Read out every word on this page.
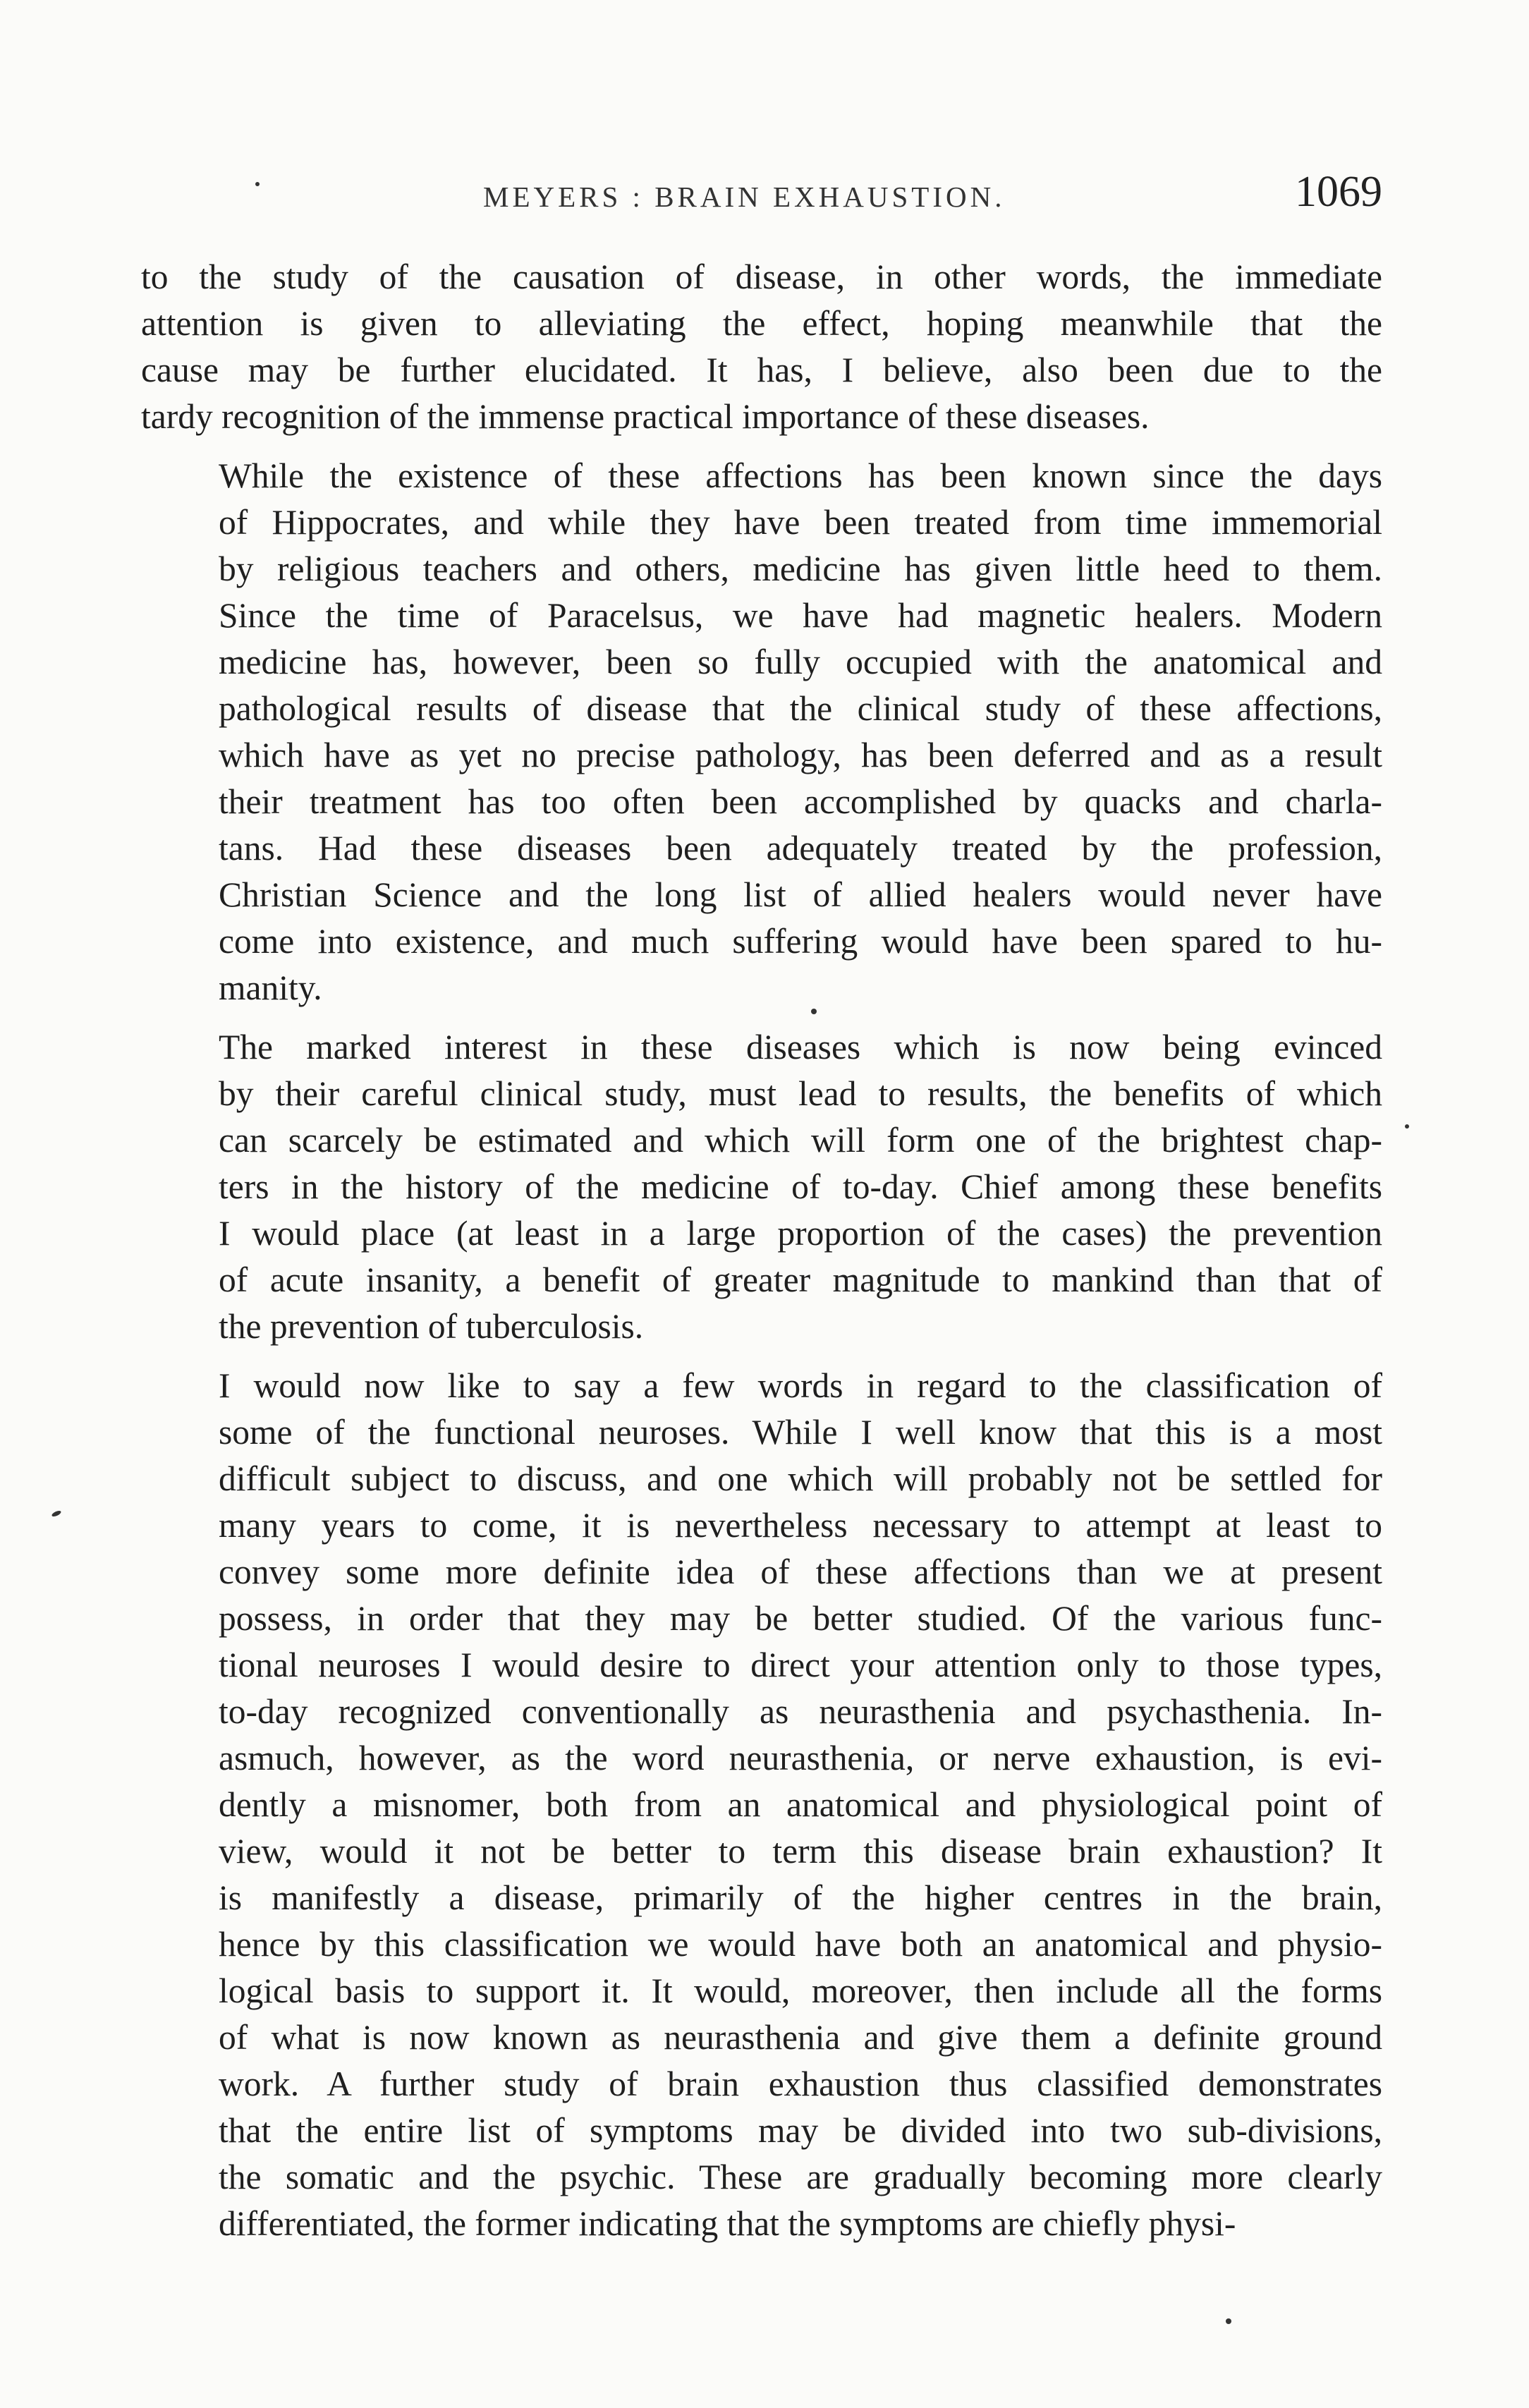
MEYERS : BRAIN EXHAUSTION.	1069

to the study of the causation of disease, in other words, the immediate
attention is given to alleviating the effect, hoping meanwhile that the
cause may be further elucidated. It has, I believe, also been due to the
tardy recognition of the immense practical importance of these diseases.

While the existence of these affections has been known since the days
of Hippocrates, and while they have been treated from time immemorial
by religious teachers and others, medicine has given little heed to them.
Since the time of Paracelsus, we have had magnetic healers. Modern
medicine has, however, been so fully occupied with the anatomical and
pathological results of disease that the clinical study of these affections,
which have as yet no precise pathology, has been deferred and as a result
their treatment has too often been accomplished by quacks and charla-
tans. Had these diseases been adequately treated by the profession,
Christian Science and the long list of allied healers would never have
come into existence, and much suffering would have been spared to hu-
manity.

The marked interest in these diseases which is now being evinced
by their careful clinical study, must lead to results, the benefits of which
can scarcely be estimated and which will form one of the brightest chap-
ters in the history of the medicine of to-day. Chief among these benefits
I would place (at least in a large proportion of the cases) the prevention
of acute insanity, a benefit of greater magnitude to mankind than that of
the prevention of tuberculosis.

I would now like to say a few words in regard to the classification of
some of the functional neuroses. While I well know that this is a most
difficult subject to discuss, and one which will probably not be settled for
many years to come, it is nevertheless necessary to attempt at least to
convey some more definite idea of these affections than we at present
possess, in order that they may be better studied. Of the various func-
tional neuroses I would desire to direct your attention only to those types,
to-day recognized conventionally as neurasthenia and psychasthenia. In-
asmuch, however, as the word neurasthenia, or nerve exhaustion, is evi-
dently a misnomer, both from an anatomical and physiological point of
view, would it not be better to term this disease brain exhaustion? It
is manifestly a disease, primarily of the higher centres in the brain,
hence by this classification we would have both an anatomical and physio-
logical basis to support it. It would, moreover, then include all the forms
of what is now known as neurasthenia and give them a definite ground
work. A further study of brain exhaustion thus classified demonstrates
that the entire list of symptoms may be divided into two sub-divisions,
the somatic and the psychic. These are gradually becoming more clearly
differentiated, the former indicating that the symptoms are chiefly physi-
